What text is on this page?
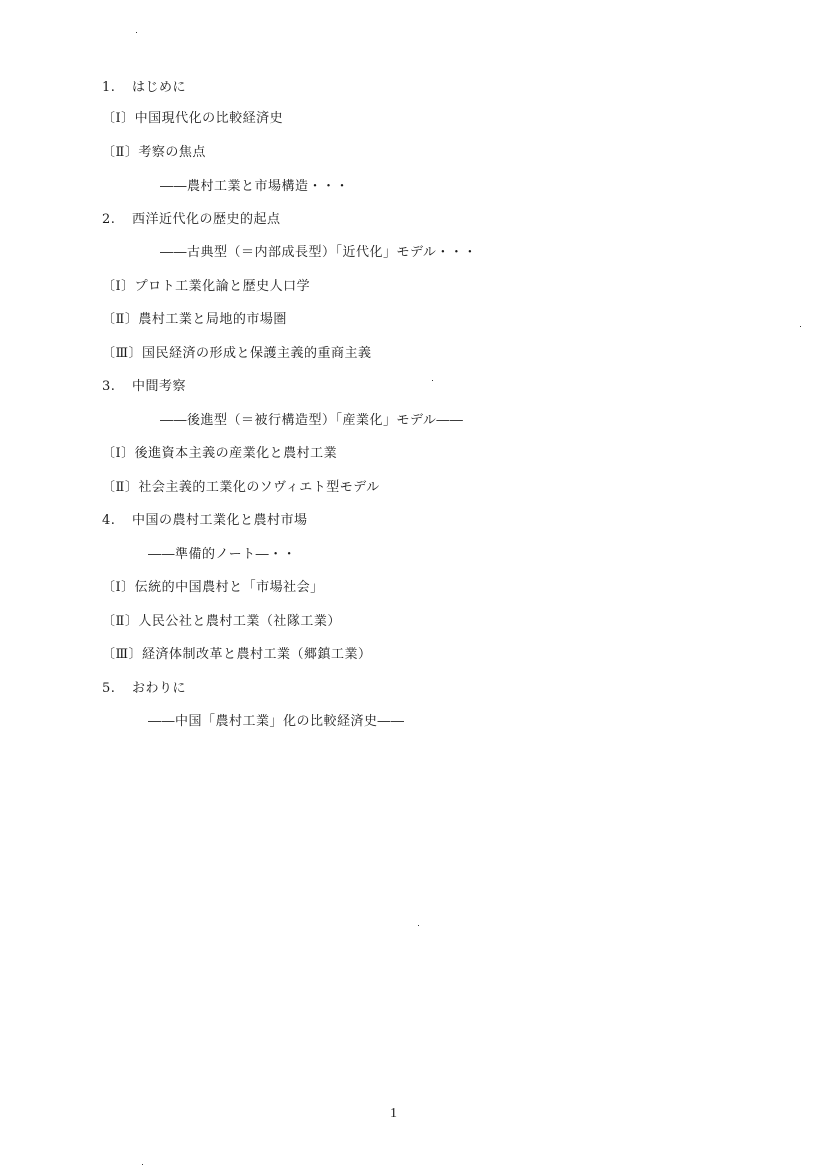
1. はじめに
〔Ⅰ〕中国現代化の比較経済史
〔Ⅱ〕考察の焦点
――農村工業と市場構造・・・
2. 西洋近代化の歴史的起点
――古典型（＝内部成長型）「近代化」モデル・・・
〔Ⅰ〕プロト工業化論と歴史人口学
〔Ⅱ〕農村工業と局地的市場圏
〔Ⅲ〕国民経済の形成と保護主義的重商主義
3. 中間考察
――後進型（＝被行構造型）「産業化」モデル――
〔Ⅰ〕後進資本主義の産業化と農村工業
〔Ⅱ〕社会主義的工業化のソヴィエト型モデル
4. 中国の農村工業化と農村市場
――準備的ノート―・・
〔Ⅰ〕伝統的中国農村と「市場社会」
〔Ⅱ〕人民公社と農村工業（社隊工業）
〔Ⅲ〕経済体制改革と農村工業（郷鎮工業）
5. おわりに
――中国「農村工業」化の比較経済史――
1
